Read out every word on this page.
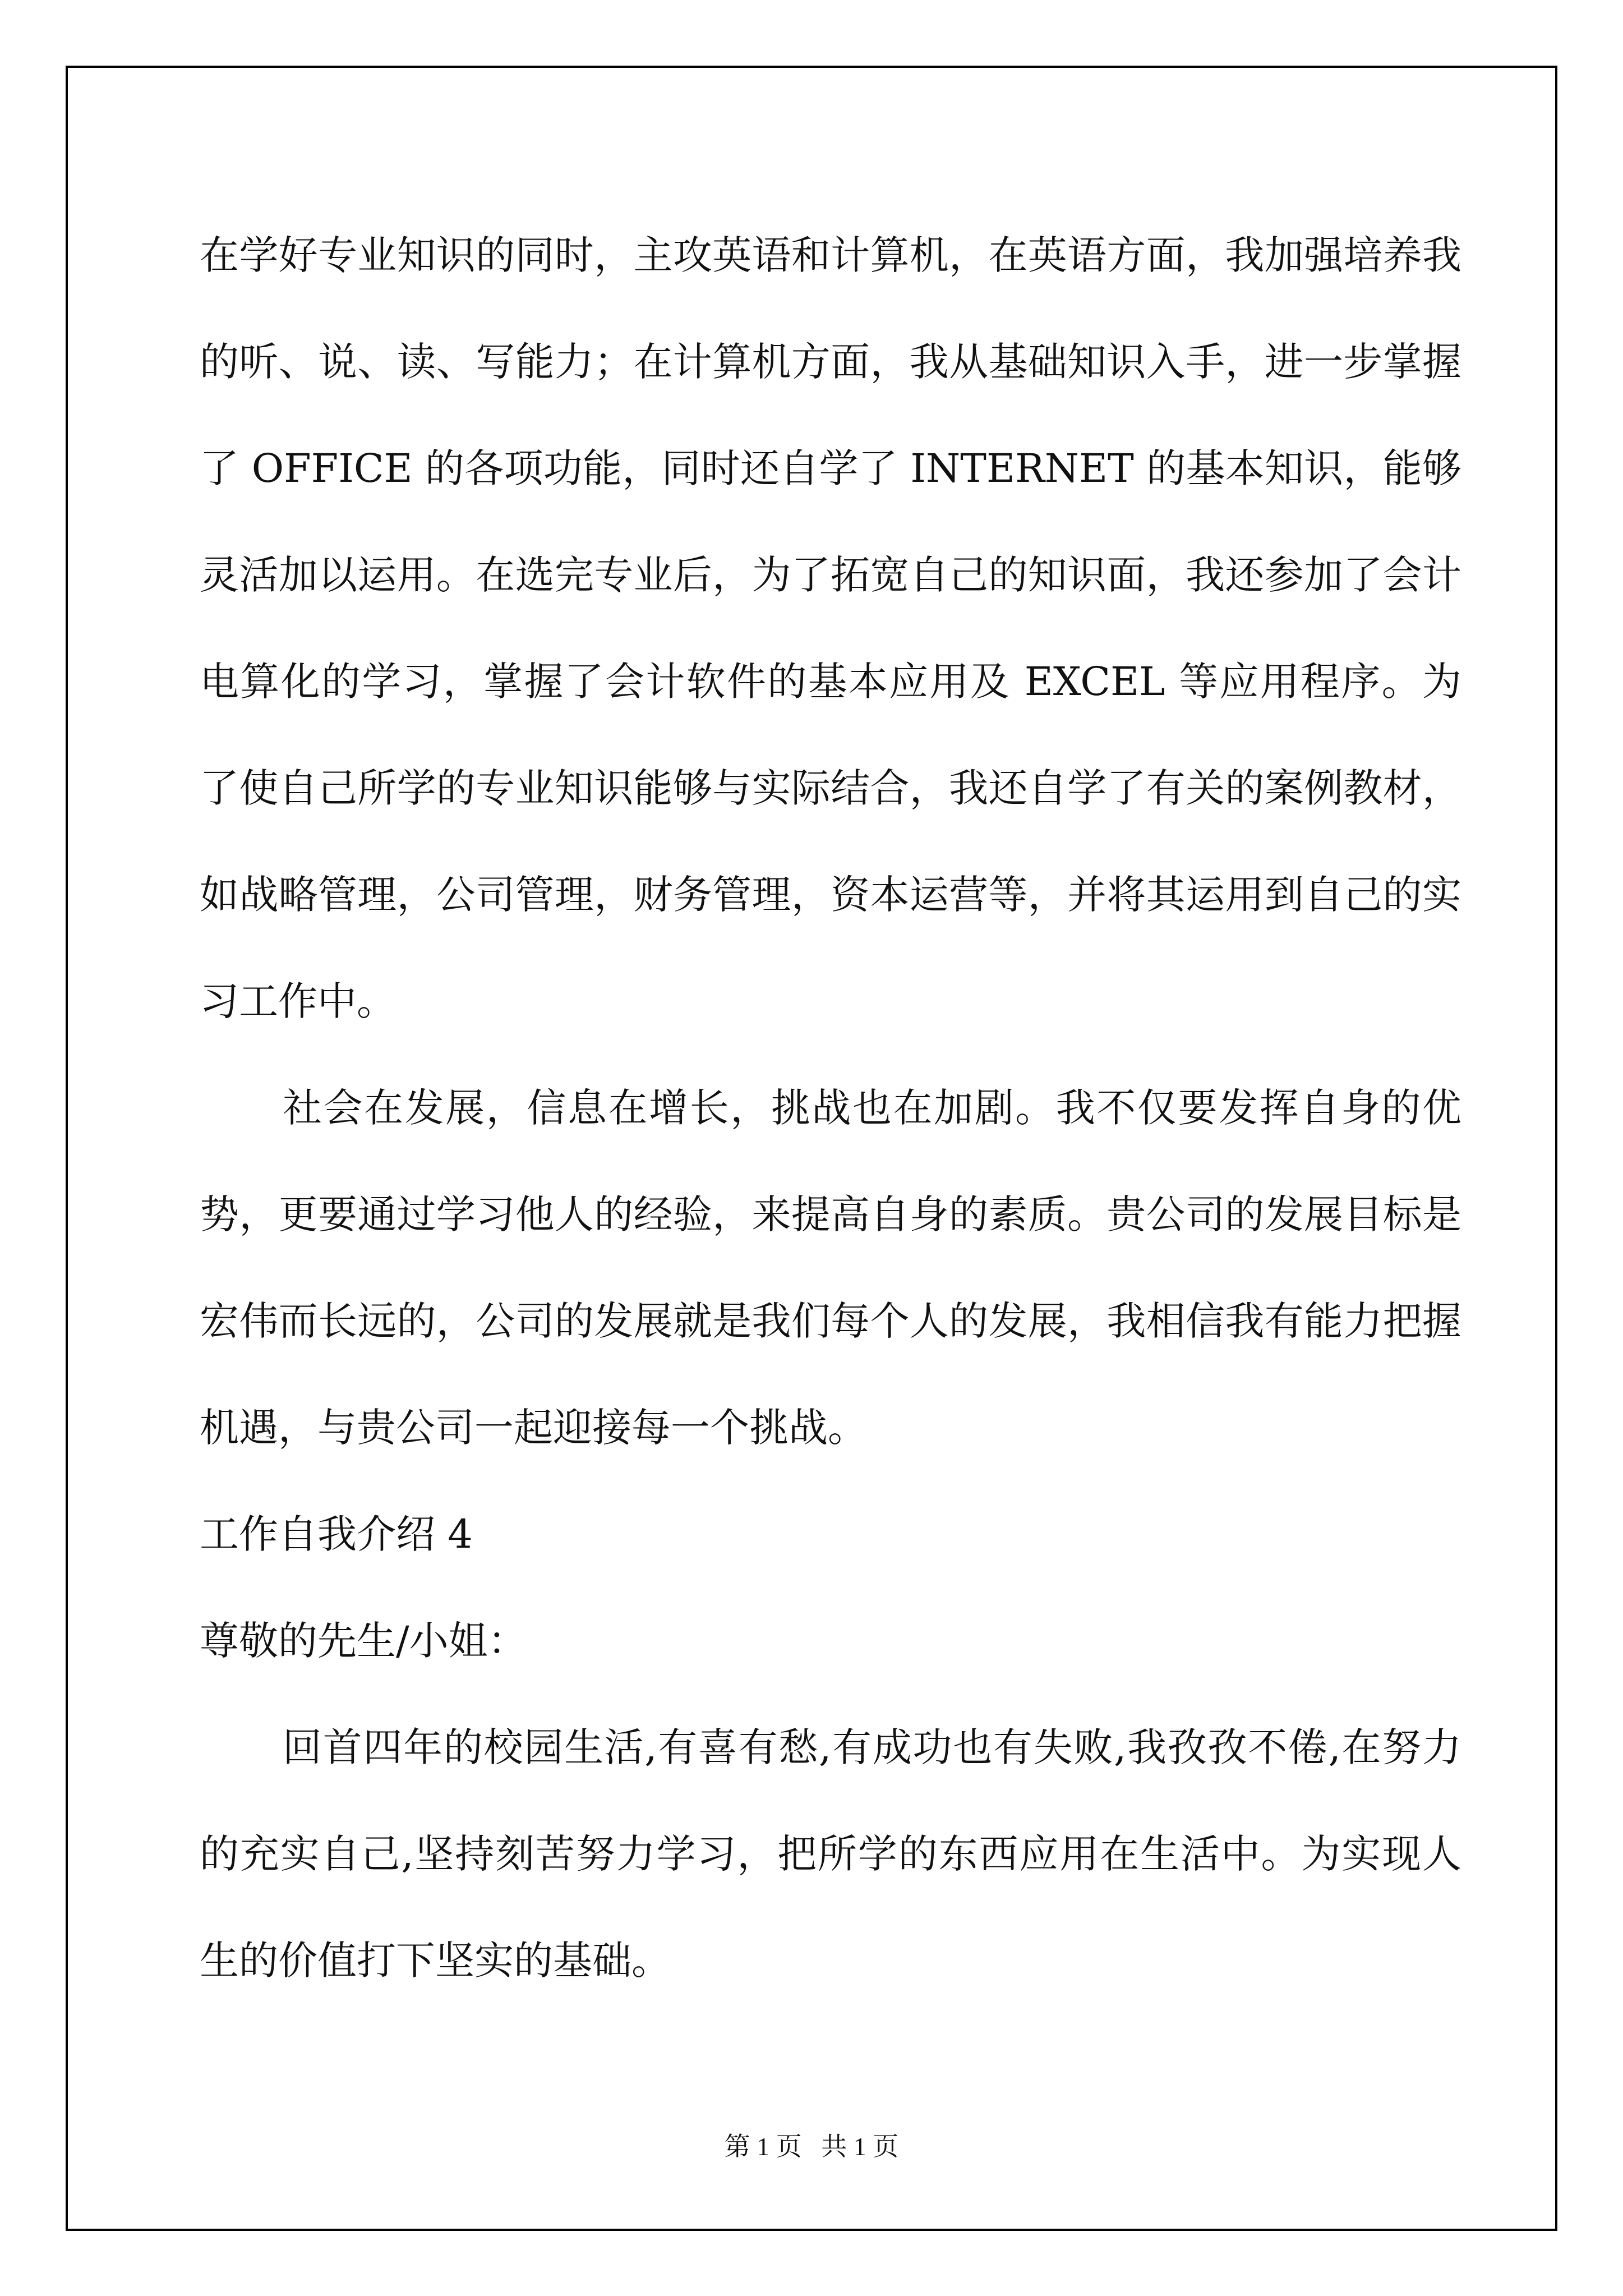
在学好专业知识的同时，主攻英语和计算机，在英语方面，我加强培养我的听、说、读、写能力；在计算机方面，我从基础知识入手，进一步掌握了 OFFICE 的各项功能，同时还自学了 INTERNET 的基本知识，能够灵活加以运用。在选完专业后，为了拓宽自己的知识面，我还参加了会计电算化的学习，掌握了会计软件的基本应用及 EXCEL 等应用程序。为了使自己所学的专业知识能够与实际结合，我还自学了有关的案例教材，如战略管理，公司管理，财务管理，资本运营等，并将其运用到自己的实习工作中。

社会在发展，信息在增长，挑战也在加剧。我不仅要发挥自身的优势，更要通过学习他人的经验，来提高自身的素质。贵公司的发展目标是宏伟而长远的，公司的发展就是我们每个人的发展，我相信我有能力把握机遇，与贵公司一起迎接每一个挑战。

工作自我介绍 4

尊敬的先生/小姐：

回首四年的校园生活,有喜有愁,有成功也有失败,我孜孜不倦,在努力的充实自己,坚持刻苦努力学习，把所学的东西应用在生活中。为实现人生的价值打下坚实的基础。

第 1 页   共 1 页
